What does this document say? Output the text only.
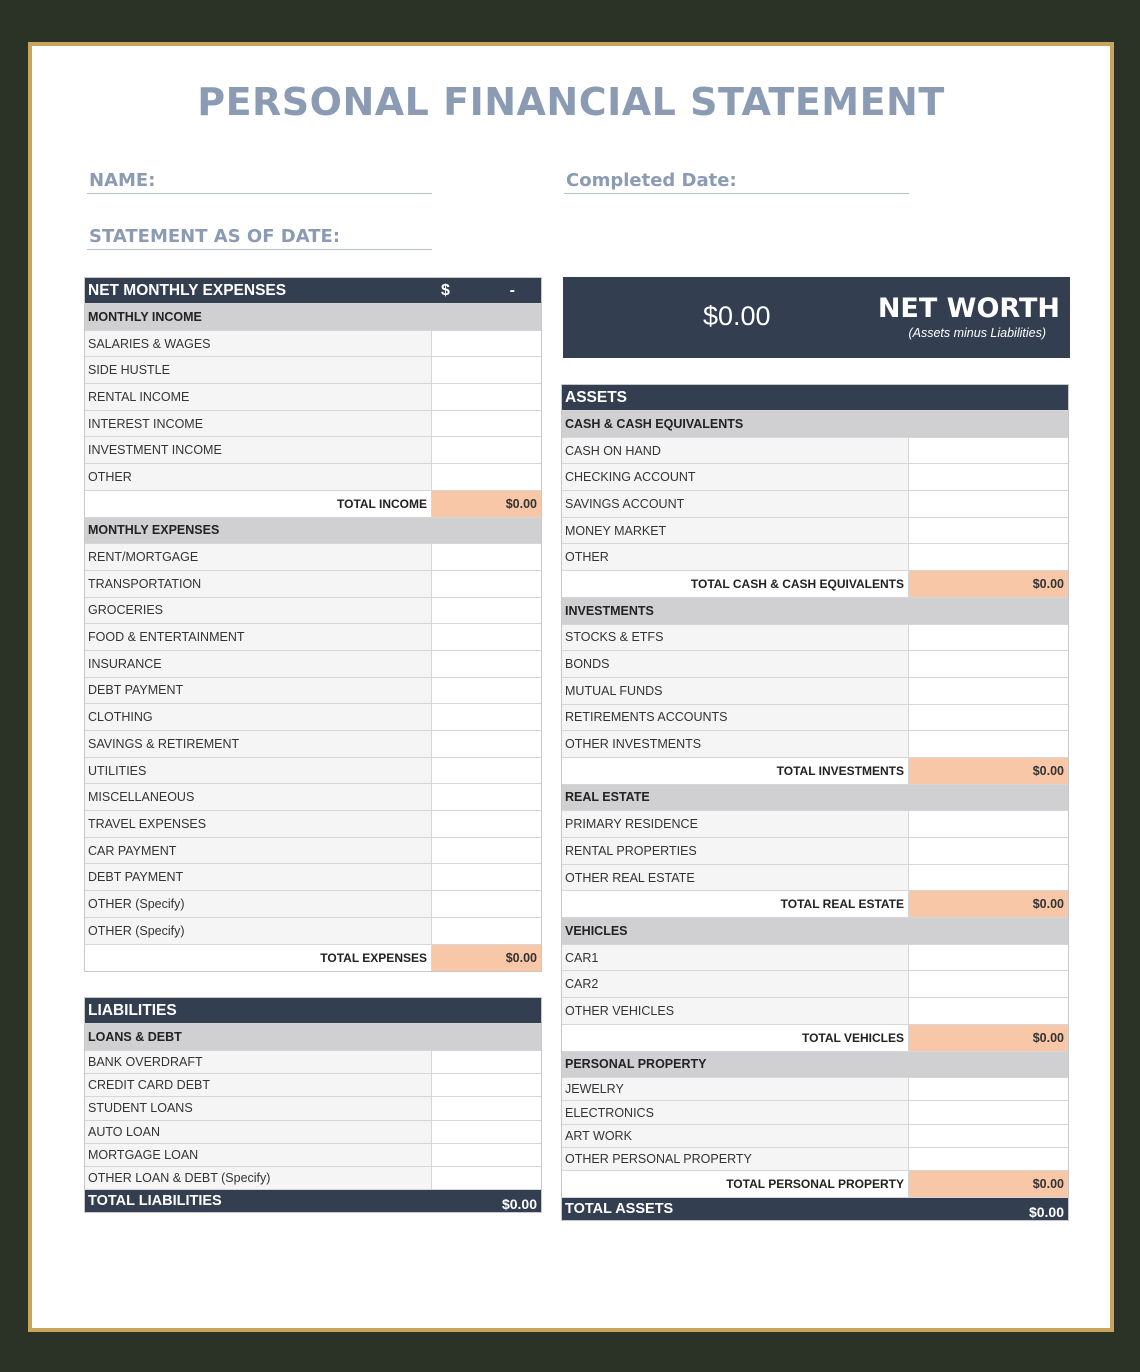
PERSONAL FINANCIAL STATEMENT
NAME:	Completed Date:
STATEMENT AS OF DATE:
NET MONTHLY EXPENSES	$	-
MONTHLY INCOME
SALARIES & WAGES
SIDE HUSTLE
RENTAL INCOME
INTEREST INCOME
INVESTMENT INCOME
OTHER
TOTAL INCOME	$0.00
MONTHLY EXPENSES
RENT/MORTGAGE
TRANSPORTATION
GROCERIES
FOOD & ENTERTAINMENT
INSURANCE
DEBT PAYMENT
CLOTHING
SAVINGS & RETIREMENT
UTILITIES
MISCELLANEOUS
TRAVEL EXPENSES
CAR PAYMENT
DEBT PAYMENT
OTHER (Specify)
OTHER (Specify)
TOTAL EXPENSES	$0.00
LIABILITIES
LOANS & DEBT
BANK OVERDRAFT
CREDIT CARD DEBT
STUDENT LOANS
AUTO LOAN
MORTGAGE LOAN
OTHER LOAN & DEBT (Specify)
TOTAL LIABILITIES	$0.00
$0.00	NET WORTH
(Assets minus Liabilities)
ASSETS
CASH & CASH EQUIVALENTS
CASH ON HAND
CHECKING ACCOUNT
SAVINGS ACCOUNT
MONEY MARKET
OTHER
TOTAL CASH & CASH EQUIVALENTS	$0.00
INVESTMENTS
STOCKS & ETFS
BONDS
MUTUAL FUNDS
RETIREMENTS ACCOUNTS
OTHER INVESTMENTS
TOTAL INVESTMENTS	$0.00
REAL ESTATE
PRIMARY RESIDENCE
RENTAL PROPERTIES
OTHER REAL ESTATE
TOTAL REAL ESTATE	$0.00
VEHICLES
CAR1
CAR2
OTHER VEHICLES
TOTAL VEHICLES	$0.00
PERSONAL PROPERTY
JEWELRY
ELECTRONICS
ART WORK
OTHER PERSONAL PROPERTY
TOTAL PERSONAL PROPERTY	$0.00
TOTAL ASSETS	$0.00
